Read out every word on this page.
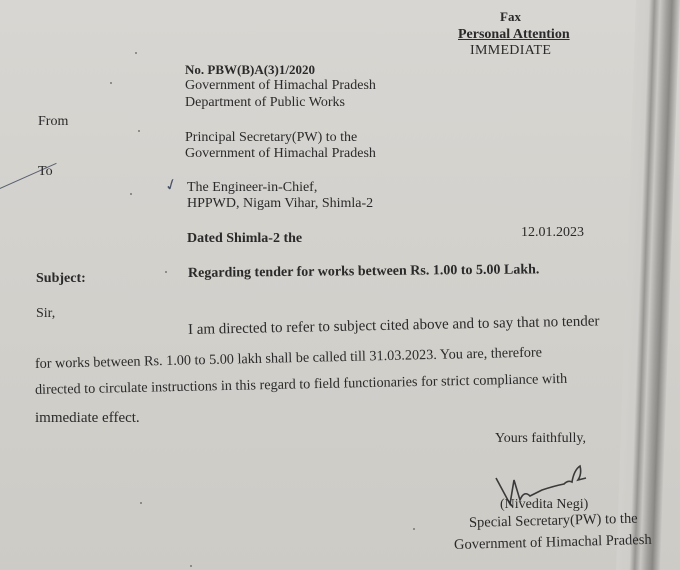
Fax
Personal Attention
IMMEDIATE
No. PBW(B)A(3)1/2020
Government of Himachal Pradesh
Department of Public Works
From
Principal Secretary(PW) to the
Government of Himachal Pradesh
To
✓ The Engineer-in-Chief,
HPPWD, Nigam Vihar, Shimla-2
Dated Shimla-2 the	12.01.2023
Subject:	Regarding tender for works between Rs. 1.00 to 5.00 Lakh.
Sir,	I am directed to refer to subject cited above and to say that no tender
for works between Rs. 1.00 to 5.00 lakh shall be called till 31.03.2023. You are, therefore
directed to circulate instructions in this regard to field functionaries for strict compliance with
immediate effect.
Yours faithfully,
(Nivedita Negi)
Special Secretary(PW) to the
Government of Himachal Pradesh
